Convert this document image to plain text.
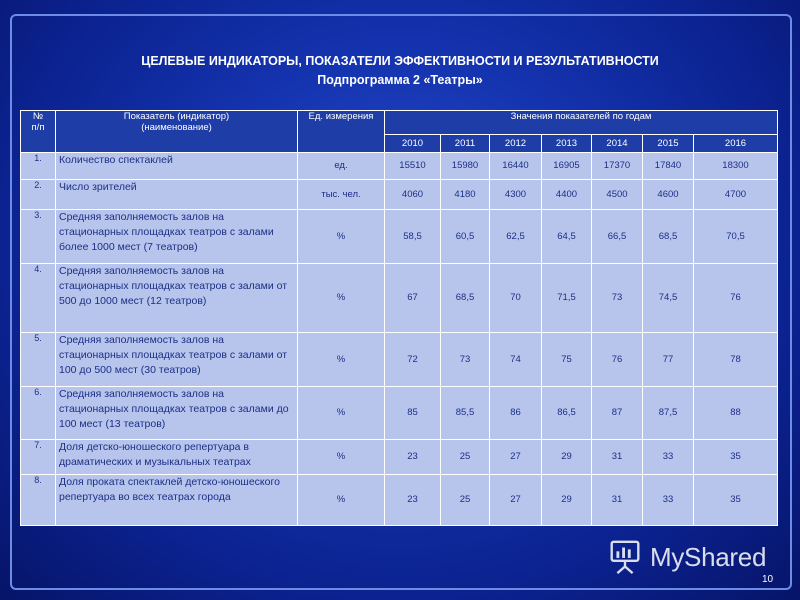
ЦЕЛЕВЫЕ ИНДИКАТОРЫ, ПОКАЗАТЕЛИ ЭФФЕКТИВНОСТИ И РЕЗУЛЬТАТИВНОСТИ
Подпрограмма 2 «Театры»
№
п/п	Показатель (индикатор) (наименование)	Ед. измерения	Значения показателей по годам						
			2010	2011	2012	2013	2014	2015	2016
1.	Количество спектаклей	ед.	15510	15980	16440	16905	17370	17840	18300
2.	Число зрителей	тыс. чел.	4060	4180	4300	4400	4500	4600	4700
3.	Средняя заполняемость залов на стационарных площадках театров с залами более 1000 мест (7 театров)	%	58,5	60,5	62,5	64,5	66,5	68,5	70,5
4.	Средняя заполняемость залов на стационарных площадках театров с залами от 500 до 1000 мест (12 театров)	%	67	68,5	70	71,5	73	74,5	76
5.	Средняя заполняемость залов на стационарных площадках театров с залами от 100 до 500 мест (30 театров)	%	72	73	74	75	76	77	78
6.	Средняя заполняемость залов на стационарных площадках театров с залами до 100 мест (13 театров)	%	85	85,5	86	86,5	87	87,5	88
7.	Доля детско-юношеского репертуара в драматических и музыкальных театрах	%	23	25	27	29	31	33	35
8.	Доля проката спектаклей детско-юношеского репертуара во всех театрах города	%	23	25	27	29	31	33	35
MyShared
10
